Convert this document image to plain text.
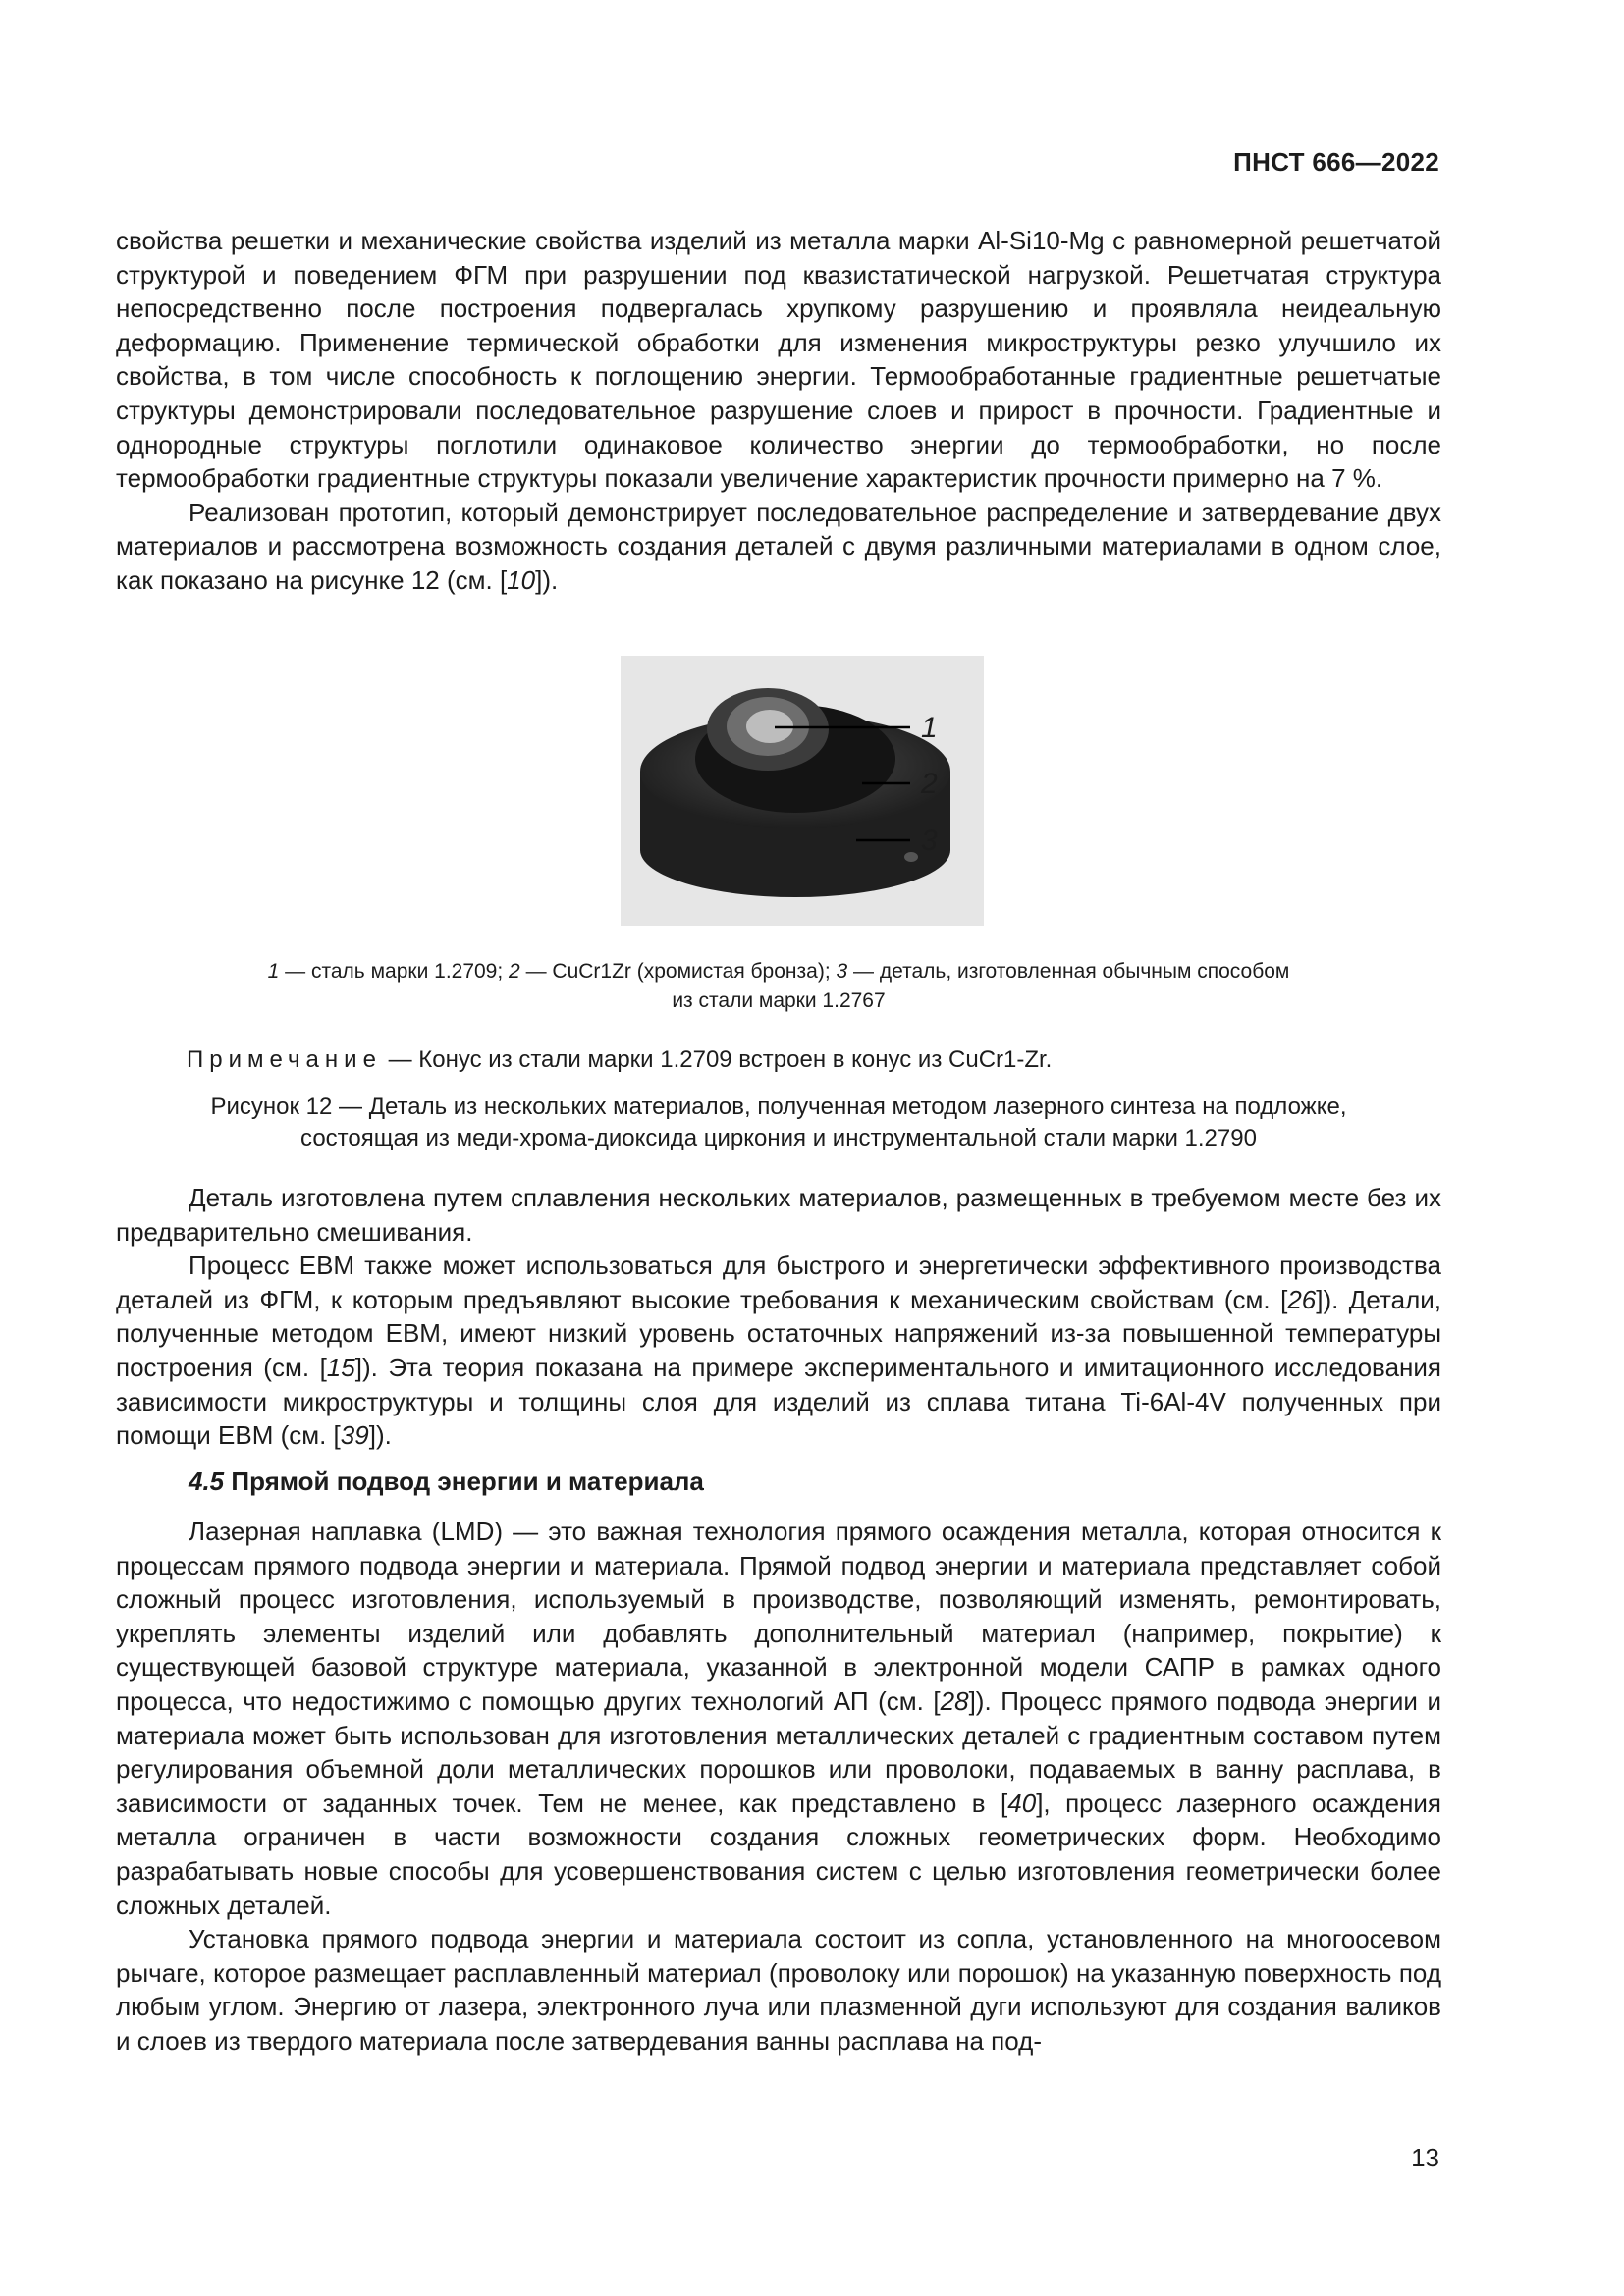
ПНСТ 666—2022

свойства решетки и механические свойства изделий из металла марки Al-Si10-Mg с равномерной решетчатой структурой и поведением ФГМ при разрушении под квазистатической нагрузкой. Решетчатая структура непосредственно после построения подвергалась хрупкому разрушению и проявляла неидеальную деформацию. Применение термической обработки для изменения микроструктуры резко улучшило их свойства, в том числе способность к поглощению энергии. Термообработанные градиентные решетчатые структуры демонстрировали последовательное разрушение слоев и прирост в прочности. Градиентные и однородные структуры поглотили одинаковое количество энергии до термообработки, но после термообработки градиентные структуры показали увеличение характеристик прочности примерно на 7 %.

Реализован прототип, который демонстрирует последовательное распределение и затвердевание двух материалов и рассмотрена возможность создания деталей с двумя различными материалами в одном слое, как показано на рисунке 12 (см. [10]).

1
2
3
1 — сталь марки 1.2709; 2 — CuCr1Zr (хромистая бронза); 3 — деталь, изготовленная обычным способом
из стали марки 1.2767
Примечание — Конус из стали марки 1.2709 встроен в конус из CuCr1-Zr.
Рисунок 12 — Деталь из нескольких материалов, полученная методом лазерного синтеза на подложке,
состоящая из меди-хрома-диоксида циркония и инструментальной стали марки 1.2790

Деталь изготовлена путем сплавления нескольких материалов, размещенных в требуемом месте без их предварительно смешивания.

Процесс EBM также может использоваться для быстрого и энергетически эффективного производства деталей из ФГМ, к которым предъявляют высокие требования к механическим свойствам (см. [26]). Детали, полученные методом EBM, имеют низкий уровень остаточных напряжений из-за повышенной температуры построения (см. [15]). Эта теория показана на примере экспериментального и имитационного исследования зависимости микроструктуры и толщины слоя для изделий из сплава титана Ti-6Al-4V полученных при помощи EBM (см. [39]).

4.5 Прямой подвод энергии и материала

Лазерная наплавка (LMD) — это важная технология прямого осаждения металла, которая относится к процессам прямого подвода энергии и материала. Прямой подвод энергии и материала представляет собой сложный процесс изготовления, используемый в производстве, позволяющий изменять, ремонтировать, укреплять элементы изделий или добавлять дополнительный материал (например, покрытие) к существующей базовой структуре материала, указанной в электронной модели САПР в рамках одного процесса, что недостижимо с помощью других технологий АП (см. [28]). Процесс прямого подвода энергии и материала может быть использован для изготовления металлических деталей с градиентным составом путем регулирования объемной доли металлических порошков или проволоки, подаваемых в ванну расплава, в зависимости от заданных точек. Тем не менее, как представлено в [40], процесс лазерного осаждения металла ограничен в части возможности создания сложных геометрических форм. Необходимо разрабатывать новые способы для усовершенствования систем с целью изготовления геометрически более сложных деталей.

Установка прямого подвода энергии и материала состоит из сопла, установленного на многоосевом рычаге, которое размещает расплавленный материал (проволоку или порошок) на указанную поверхность под любым углом. Энергию от лазера, электронного луча или плазменной дуги используют для создания валиков и слоев из твердого материала после затвердевания ванны расплава на под-

13
